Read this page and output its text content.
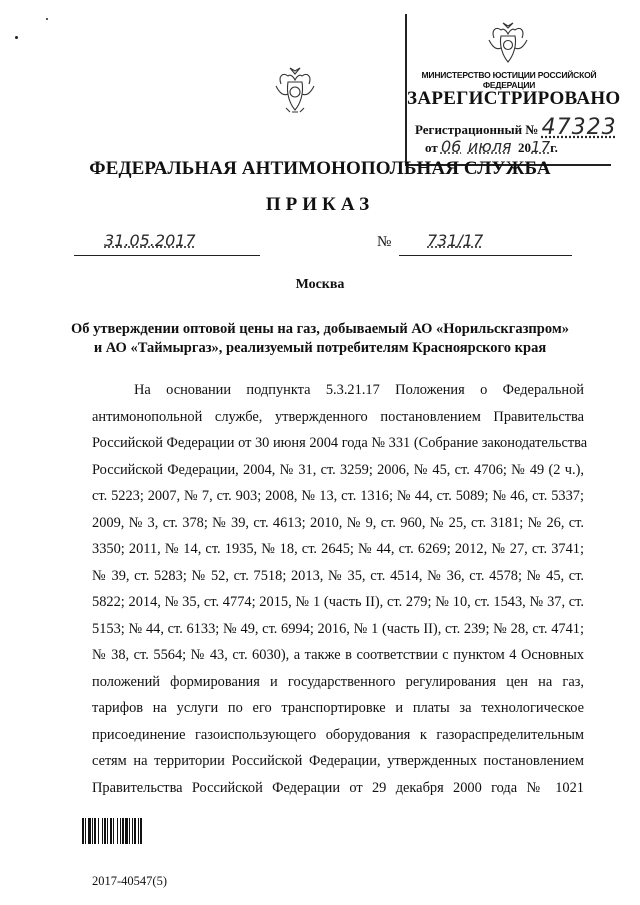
МИНИСТЕРСТВО ЮСТИЦИИ РОССИЙСКОЙ ФЕДЕРАЦИИ
ЗАРЕГИСТРИРОВАНО
Регистрационный № 47323
от 06 июля 2017г.
ФЕДЕРАЛЬНАЯ АНТИМОНОПОЛЬНАЯ СЛУЖБА
ПРИКАЗ
31.05.2017	№ 731/17
Москва
Об утверждении оптовой цены на газ, добываемый АО «Норильскгазпром»
и АО «Таймыргаз», реализуемый потребителям Красноярского края
На основании подпункта 5.3.21.17 Положения о Федеральной
антимонопольной службе, утвержденного постановлением Правительства
Российской Федерации от 30 июня 2004 года № 331 (Собрание законодательства
Российской Федерации, 2004, № 31, ст. 3259; 2006, № 45, ст. 4706; № 49 (2 ч.),
ст. 5223; 2007, № 7, ст. 903; 2008, № 13, ст. 1316; № 44, ст. 5089; № 46, ст. 5337;
2009, № 3, ст. 378; № 39, ст. 4613; 2010, № 9, ст. 960, № 25, ст. 3181; № 26, ст.
3350; 2011, № 14, ст. 1935, № 18, ст. 2645; № 44, ст. 6269; 2012, № 27, ст. 3741;
№ 39, ст. 5283; № 52, ст. 7518; 2013, № 35, ст. 4514, № 36, ст. 4578; № 45, ст.
5822; 2014, № 35, ст. 4774; 2015, № 1 (часть II), ст. 279; № 10, ст. 1543, № 37, ст.
5153; № 44, ст. 6133; № 49, ст. 6994; 2016, № 1 (часть II), ст. 239; № 28, ст. 4741;
№ 38, ст. 5564; № 43, ст. 6030), а также в соответствии с пунктом 4 Основных
положений формирования и государственного регулирования цен на газ,
тарифов на услуги по его транспортировке и платы за технологическое
присоединение газоиспользующего оборудования к газораспределительным
сетям на территории Российской Федерации, утвержденных постановлением
Правительства Российской Федерации от 29 декабря 2000 года № 1021
2017-40547(5)
